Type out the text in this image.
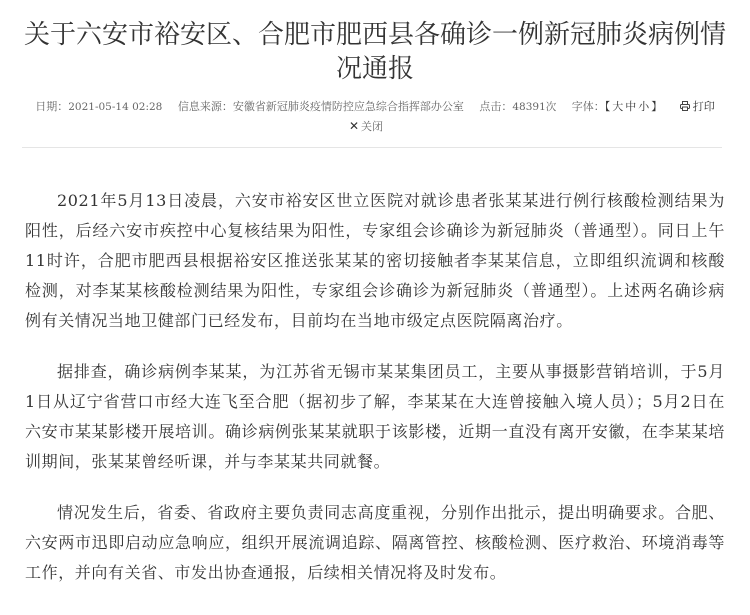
关于六安市裕安区、合肥市肥西县各确诊一例新冠肺炎病例情况通报
日期：2021-05-14 02:28 信息来源：安徽省新冠肺炎疫情防控应急综合指挥部办公室 点击：48391次 字体：【大中小】	打印
✕ 关闭

2021年5月13日凌晨，六安市裕安区世立医院对就诊患者张某某进行例行核酸检测结果为阳性，后经六安市疾控中心复核结果为阳性，专家组会诊确诊为新冠肺炎（普通型）。同日上午11时许，合肥市肥西县根据裕安区推送张某某的密切接触者李某某信息，立即组织流调和核酸检测，对李某某核酸检测结果为阳性，专家组会诊确诊为新冠肺炎（普通型）。上述两名确诊病例有关情况当地卫健部门已经发布，目前均在当地市级定点医院隔离治疗。

据排查，确诊病例李某某，为江苏省无锡市某某集团员工，主要从事摄影营销培训，于5月1日从辽宁省营口市经大连飞至合肥（据初步了解，李某某在大连曾接触入境人员）；5月2日在六安市某某影楼开展培训。确诊病例张某某就职于该影楼，近期一直没有离开安徽，在李某某培训期间，张某某曾经听课，并与李某某共同就餐。

情况发生后，省委、省政府主要负责同志高度重视，分别作出批示，提出明确要求。合肥、六安两市迅即启动应急响应，组织开展流调追踪、隔离管控、核酸检测、医疗救治、环境消毒等工作，并向有关省、市发出协查通报，后续相关情况将及时发布。
